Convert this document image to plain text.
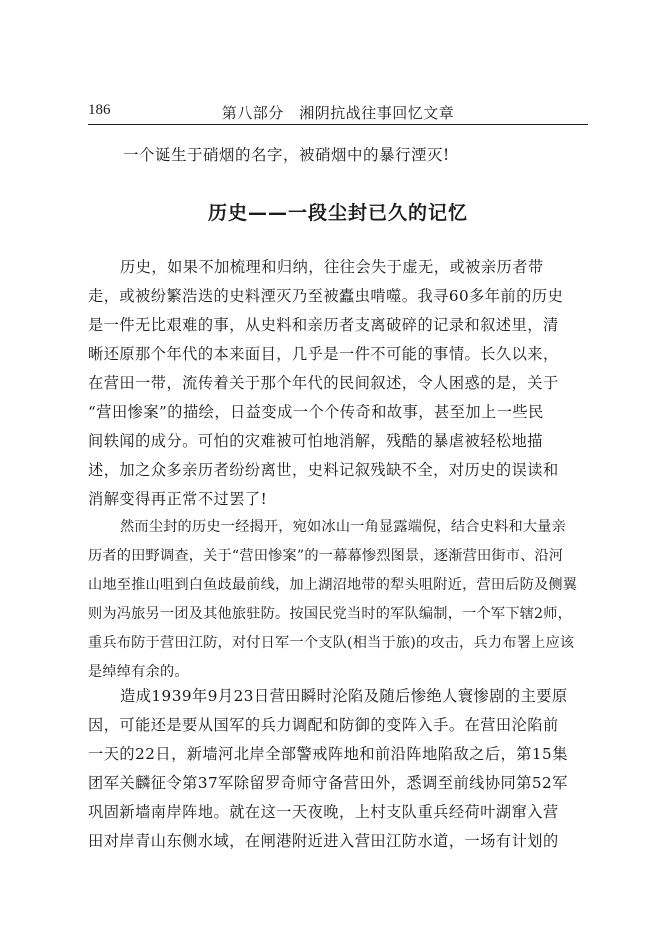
186	第八部分　湘阴抗战往事回忆文章
一个诞生于硝烟的名字，被硝烟中的暴行湮灭!
历史——一段尘封已久的记忆
历史，如果不加梳理和归纳，往往会失于虚无，或被亲历者带
走，或被纷繁浩迭的史料湮灭乃至被蠹虫啃噬。我寻60多年前的历史
是一件无比艰难的事，从史料和亲历者支离破碎的记录和叙述里，清
晰还原那个年代的本来面目，几乎是一件不可能的事情。长久以来，
在营田一带，流传着关于那个年代的民间叙述，令人困惑的是，关于
“营田惨案”的描绘，日益变成一个个传奇和故事，甚至加上一些民
间轶闻的成分。可怕的灾难被可怕地消解，残酷的暴虐被轻松地描
述，加之众多亲历者纷纷离世，史料记叙残缺不全，对历史的误读和
消解变得再正常不过罢了!
然而尘封的历史一经揭开，宛如冰山一角显露端倪，结合史料和大量亲
历者的田野调查，关于“营田惨案”的一幕幕惨烈图景，逐渐营田街市、沿河
山地至推山咀到白鱼歧最前线，加上湖沼地带的犁头咀附近，营田后防及侧翼
则为冯旅另一团及其他旅驻防。按国民党当时的军队编制，一个军下辖2师，
重兵布防于营田江防，对付日军一个支队(相当于旅)的攻击，兵力布署上应该
是绰绰有余的。
造成1939年9月23日营田瞬时沦陷及随后惨绝人寰惨剧的主要原
因，可能还是要从国军的兵力调配和防御的变阵入手。在营田沦陷前
一天的22日，新墙河北岸全部警戒阵地和前沿阵地陷敌之后，第15集
团军关麟征令第37军除留罗奇师守备营田外，悉调至前线协同第52军
巩固新墙南岸阵地。就在这一天夜晚，上村支队重兵经荷叶湖窜入营
田对岸青山东侧水域，在闸港附近进入营田江防水道，一场有计划的
